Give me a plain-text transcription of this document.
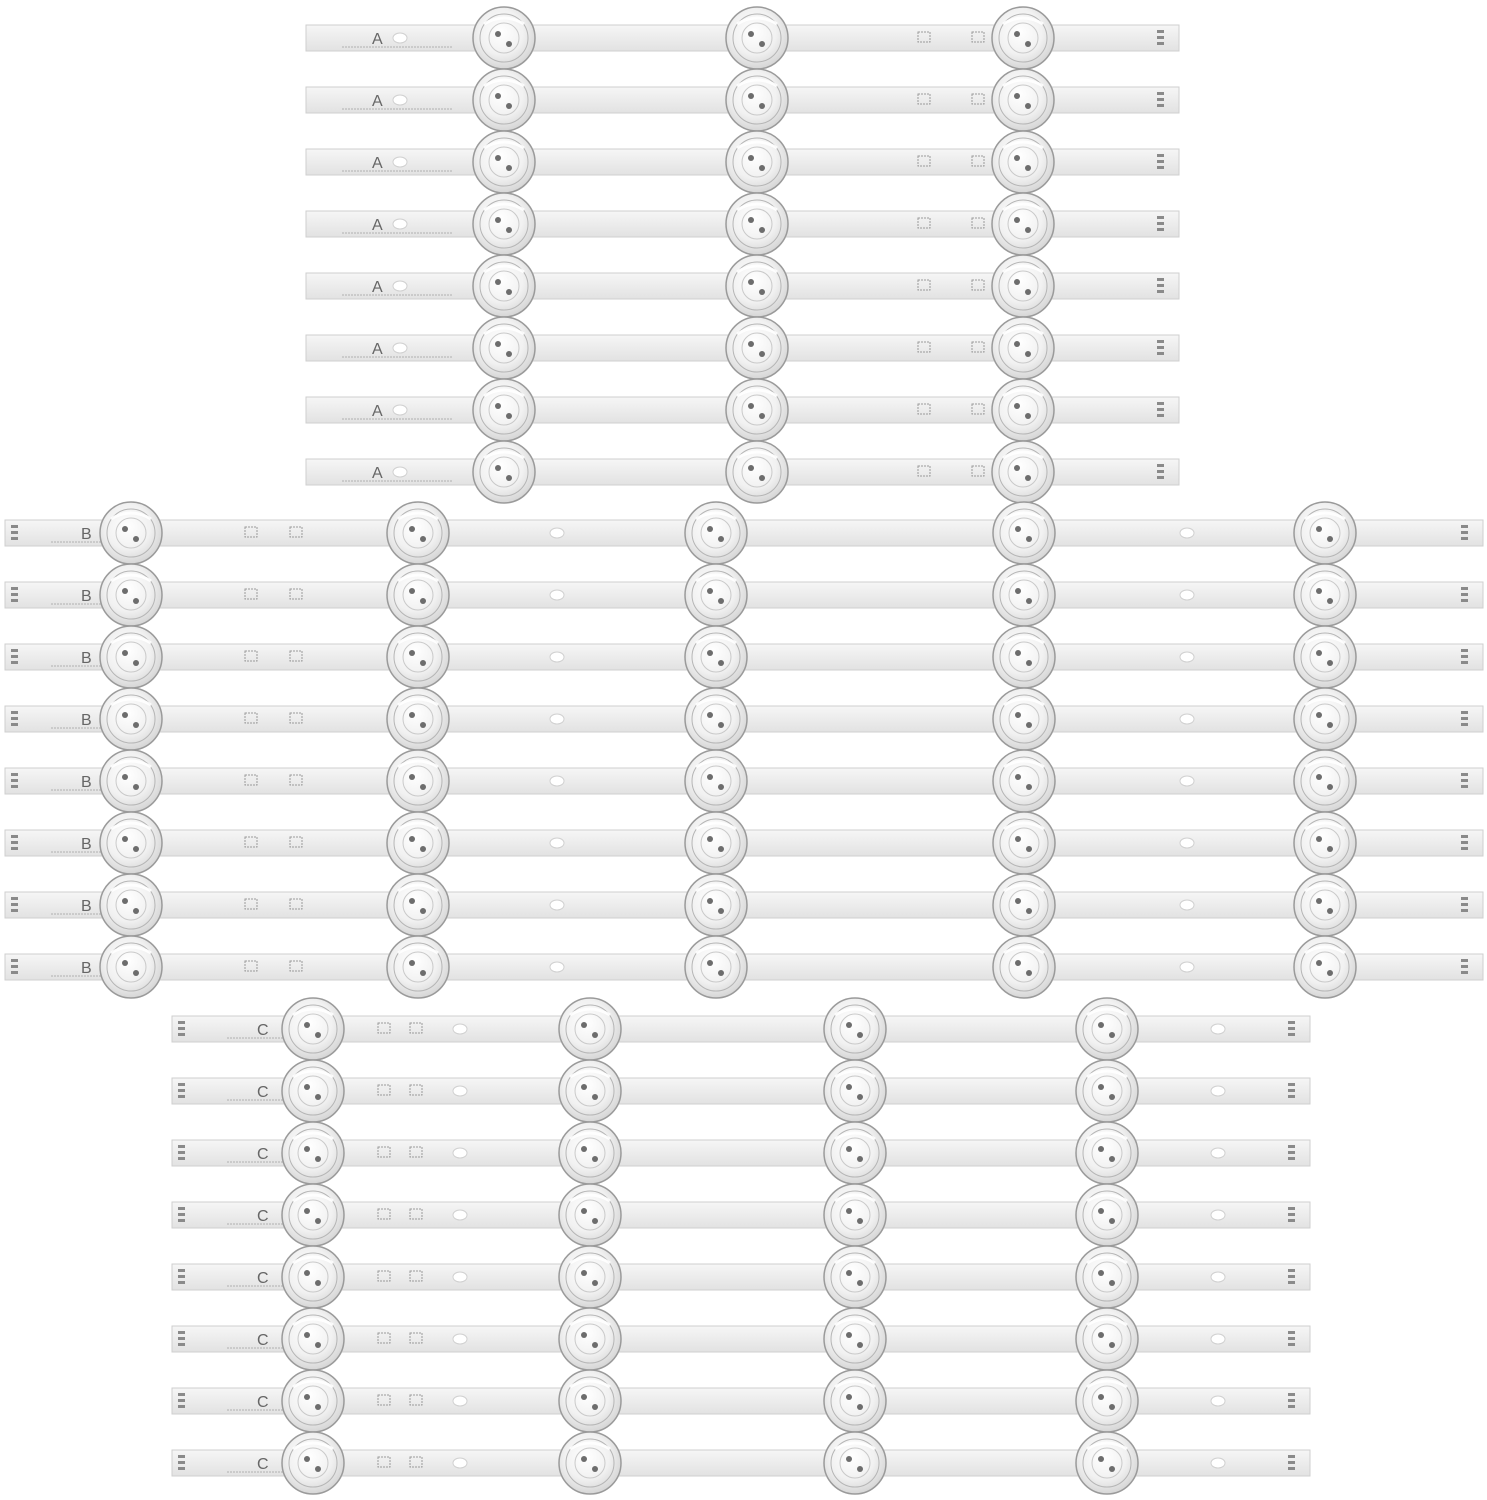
A
A
A
A
A
A
A
A
B
B
B
B
B
B
B
B
C
C
C
C
C
C
C
C
